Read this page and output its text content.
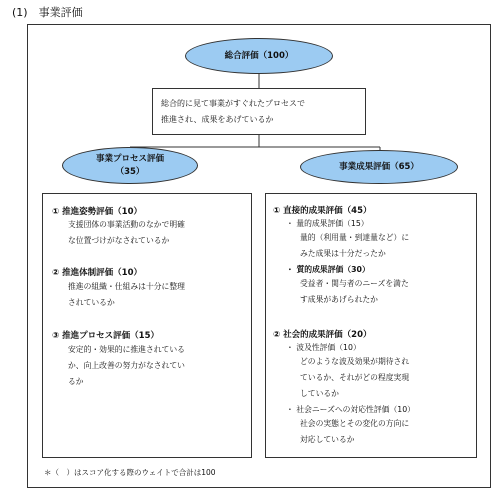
(1)　事業評価
総合評価（100）
総合的に見て事業がすぐれたプロセスで
推進され、成果をあげているか
事業プロセス評価
（35）	事業成果評価（65）
① 推進姿勢評価（10）
支援団体の事業活動のなかで明確
な位置づけがなされているか
② 推進体制評価（10）
推進の組織・仕組みは十分に整理
されているか
③ 推進プロセス評価（15）
安定的・効果的に推進されている
か、向上改善の努力がなされてい
るか
① 直接的成果評価（45）
・ 量的成果評価（15）
量的（利用量・到達量など）に
みた成果は十分だったか
・ 質的成果評価（30）
受益者・関与者のニーズを満た
す成果があげられたか
② 社会的成果評価（20）
・ 波及性評価（10）
どのような波及効果が期待され
ているか、それがどの程度実現
しているか
・ 社会ニーズへの対応性評価（10）
社会の実態とその変化の方向に
対応しているか
＊（　）はスコア化する際のウェイトで合計は100
